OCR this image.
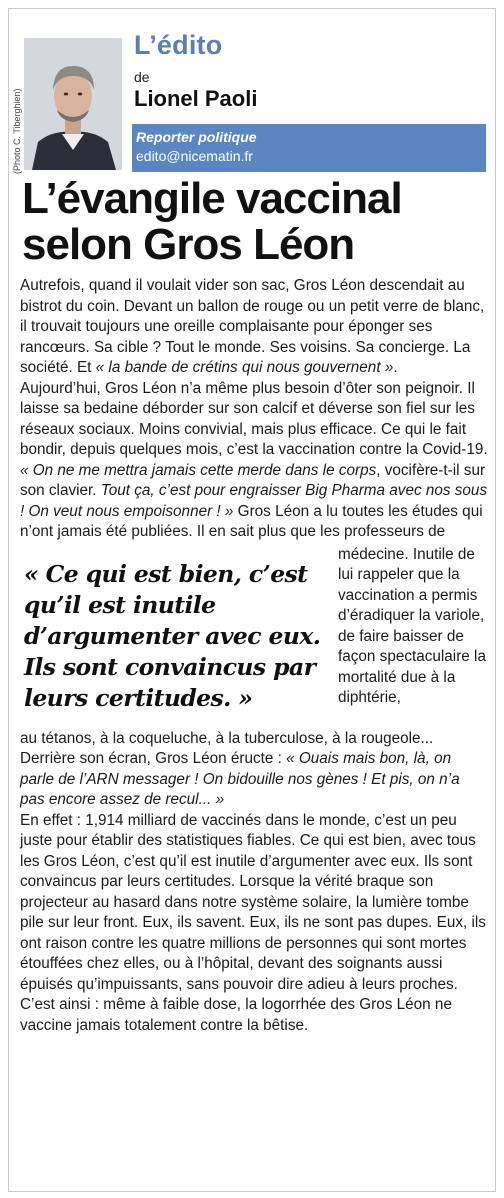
(Photo C. Tiberghien)
L’édito
de
Lionel Paoli
Reporter politique
edito@nicematin.fr
L’évangile vaccinal selon Gros Léon

Autrefois, quand il voulait vider son sac, Gros Léon descendait au bistrot du coin. Devant un ballon de rouge ou un petit verre de blanc, il trouvait toujours une oreille complaisante pour éponger ses rancœurs. Sa cible ? Tout le monde. Ses voisins. Sa concierge. La société. Et « la bande de crétins qui nous gouvernent ».

Aujourd’hui, Gros Léon n’a même plus besoin d’ôter son peignoir. Il laisse sa bedaine déborder sur son calcif et déverse son fiel sur les réseaux sociaux. Moins convivial, mais plus efficace. Ce qui le fait bondir, depuis quelques mois, c’est la vaccination contre la Covid-19. « On ne me mettra jamais cette merde dans le corps, vocifère-t-il sur son clavier. Tout ça, c’est pour engraisser Big Pharma avec nos sous ! On veut nous empoisonner ! » Gros Léon a lu toutes les études qui n’ont jamais été publiées. Il en sait plus que les professeurs de

« Ce qui est bien, c’est qu’il est inutile d’argumenter avec eux. Ils sont convaincus par leurs certitudes. »
médecine. Inutile de lui rappeler que la vaccination a permis d’éradiquer la variole, de faire baisser de façon spectaculaire la mortalité due à la diphtérie,

au tétanos, à la coqueluche, à la tuberculose, à la rougeole... Derrière son écran, Gros Léon éructe : « Ouais mais bon, là, on parle de l’ARN messager ! On bidouille nos gènes ! Et pis, on n’a pas encore assez de recul... »

En effet : 1,914 milliard de vaccinés dans le monde, c’est un peu juste pour établir des statistiques fiables. Ce qui est bien, avec tous les Gros Léon, c’est qu’il est inutile d’argumenter avec eux. Ils sont convaincus par leurs certitudes. Lorsque la vérité braque son projecteur au hasard dans notre système solaire, la lumière tombe pile sur leur front. Eux, ils savent. Eux, ils ne sont pas dupes. Eux, ils ont raison contre les quatre millions de personnes qui sont mortes étouffées chez elles, ou à l’hôpital, devant des soignants aussi épuisés qu’impuissants, sans pouvoir dire adieu à leurs proches.

C’est ainsi : même à faible dose, la logorrhée des Gros Léon ne vaccine jamais totalement contre la bêtise.
